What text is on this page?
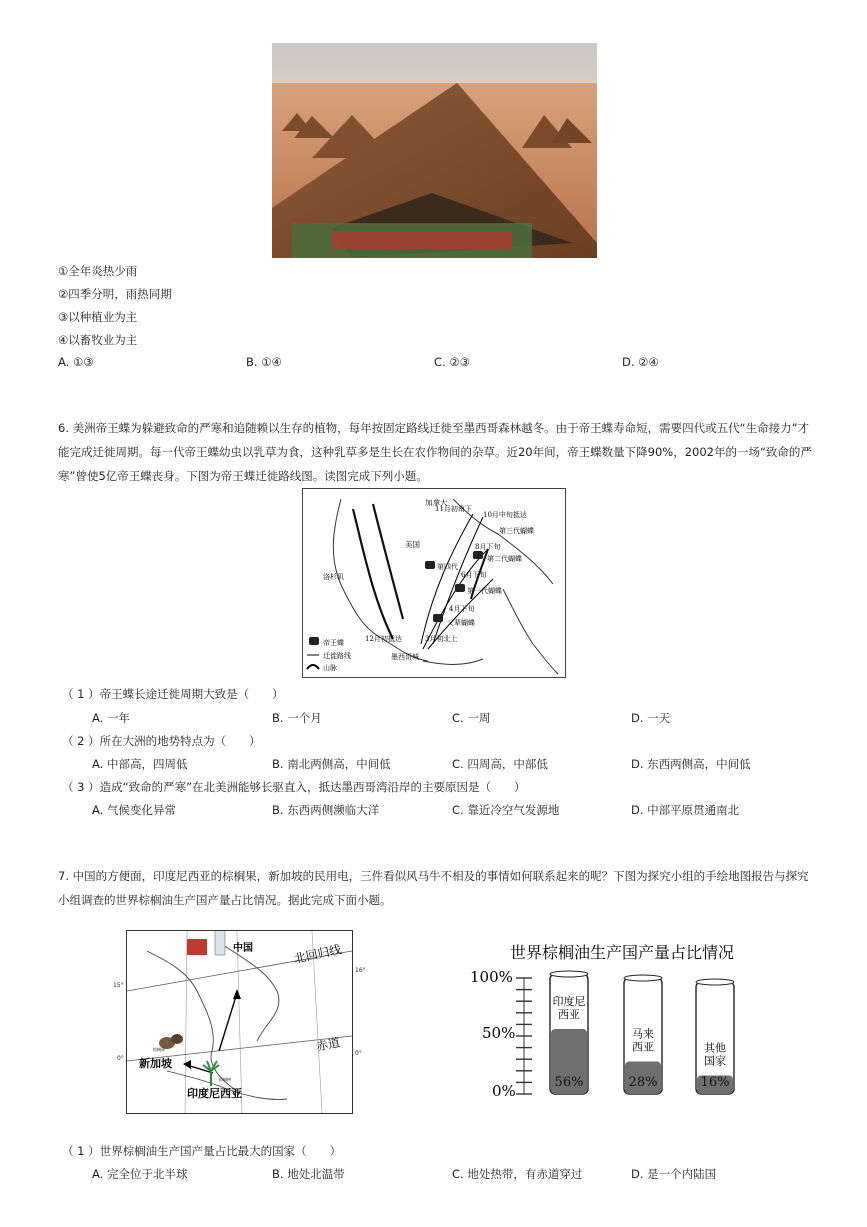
①全年炎热少雨
②四季分明，雨热同期
③以种植业为主
④以畜牧业为主
A. ①③	B. ①④	C. ②③	D. ②④
6. 美洲帝王蝶为躲避致命的严寒和追随赖以生存的植物，每年按固定路线迁徙至墨西哥森林越冬。由于帝王蝶寿命短，需要四代或五代“生命接力”才能完成迁徙周期。每一代帝王蝶幼虫以乳草为食，这种乳草多是生长在农作物间的杂草。近20年间，帝王蝶数量下降90%，2002年的一场“致命的严寒”曾使5亿帝王蝶丧身。下图为帝王蝶迁徙路线图。读图完成下列小题。
加拿大
美国
洛杉矶
墨西哥城
11月初南下
10月中旬抵达
第三代蝴蝶
8月下旬
第二代蝴蝶
第四代
6月下旬
第一代蝴蝶
4月下旬
父辈蝴蝶
12月初抵达	3月初北上
帝王蝶
迁徙路线
山脉
（ 1 ）帝王蝶长途迁徙周期大致是（　　）
A. 一年	B. 一个月	C. 一周	D. 一天
（ 2 ）所在大洲的地势特点为（　　）
A. 中部高，四周低	B. 南北两侧高，中间低	C. 四周高，中部低	D. 东西两侧高，中间低
（ 3 ）造成“致命的严寒”在北美洲能够长驱直入，抵达墨西哥湾沿岸的主要原因是（　　）
A. 气候变化异常	B. 东西两侧濒临大洋	C. 靠近冷空气发源地	D. 中部平原贯通南北
7. 中国的方便面，印度尼西亚的棕榈果，新加坡的民用电，三件看似风马牛不相及的事情如何联系起来的呢？下图为探究小组的手绘地图报告与探究小组调查的世界棕榈油生产国产量占比情况。据此完成下面小题。
中国	北回归线
赤道
新加坡
印度尼西亚
棕榈果
棕榈树
15°
0°
16°
0°
世界棕榈油生产国产量占比情况
100%
50%
0%	56%
印度尼
西亚
28%
马来
西亚
16%
其他
国家
（ 1 ）世界棕榈油生产国产量占比最大的国家（　　）
A. 完全位于北半球	B. 地处北温带	C. 地处热带，有赤道穿过	D. 是一个内陆国
